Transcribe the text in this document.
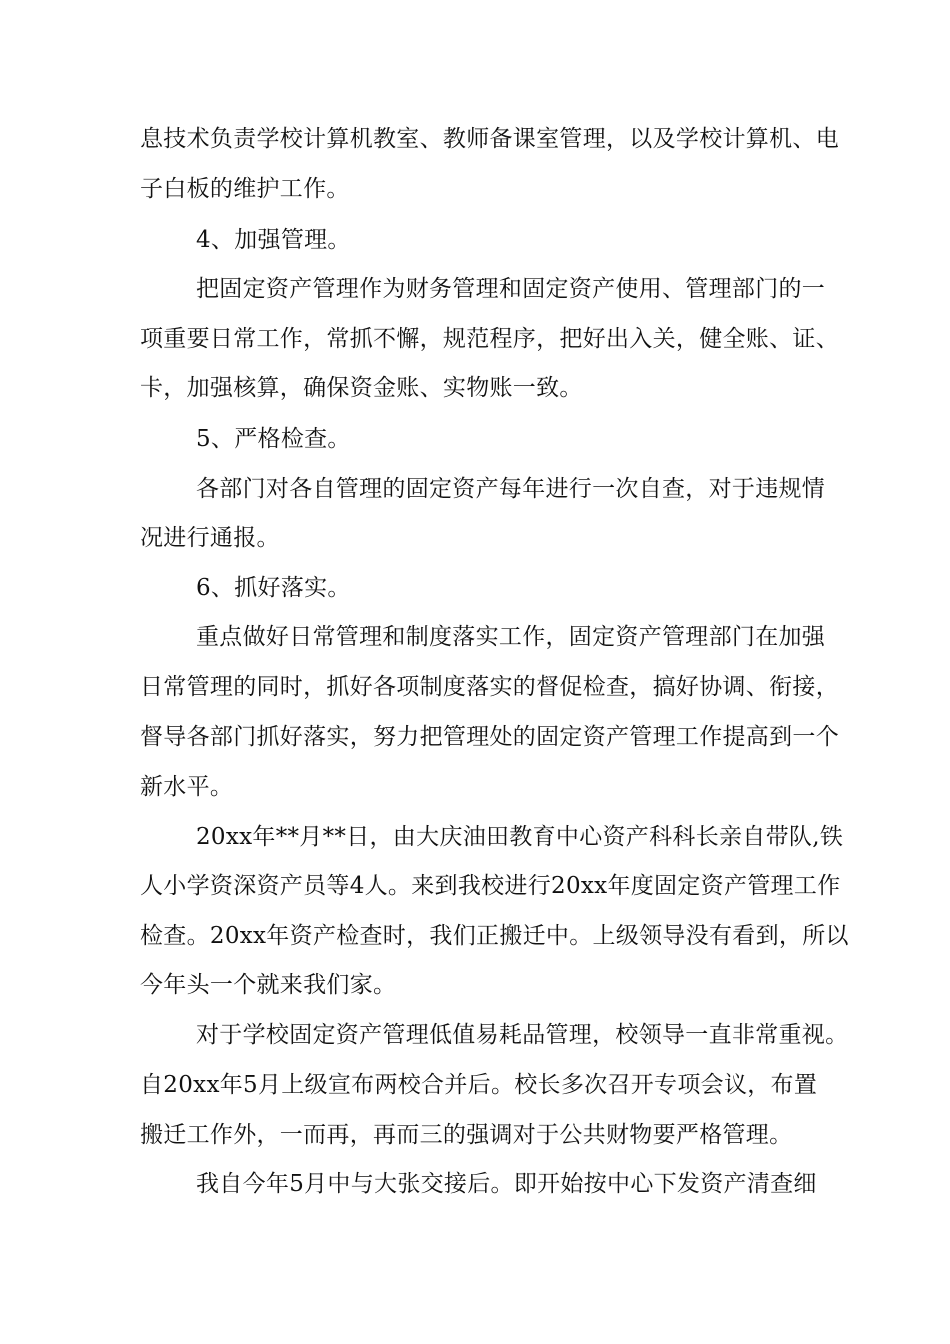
息技术负责学校计算机教室、教师备课室管理，以及学校计算机、电
子白板的维护工作。
4、加强管理。
把固定资产管理作为财务管理和固定资产使用、管理部门的一
项重要日常工作，常抓不懈，规范程序，把好出入关，健全账、证、
卡，加强核算，确保资金账、实物账一致。
5、严格检查。
各部门对各自管理的固定资产每年进行一次自查，对于违规情
况进行通报。
6、抓好落实。
重点做好日常管理和制度落实工作，固定资产管理部门在加强
日常管理的同时，抓好各项制度落实的督促检查，搞好协调、衔接，
督导各部门抓好落实，努力把管理处的固定资产管理工作提高到一个
新水平。
20xx年**月**日，由大庆油田教育中心资产科科长亲自带队,铁
人小学资深资产员等4人。来到我校进行20xx年度固定资产管理工作
检查。20xx年资产检查时，我们正搬迁中。上级领导没有看到，所以
今年头一个就来我们家。
对于学校固定资产管理低值易耗品管理，校领导一直非常重视。
自20xx年5月上级宣布两校合并后。校长多次召开专项会议，布置
搬迁工作外，一而再，再而三的强调对于公共财物要严格管理。
我自今年5月中与大张交接后。即开始按中心下发资产清查细
